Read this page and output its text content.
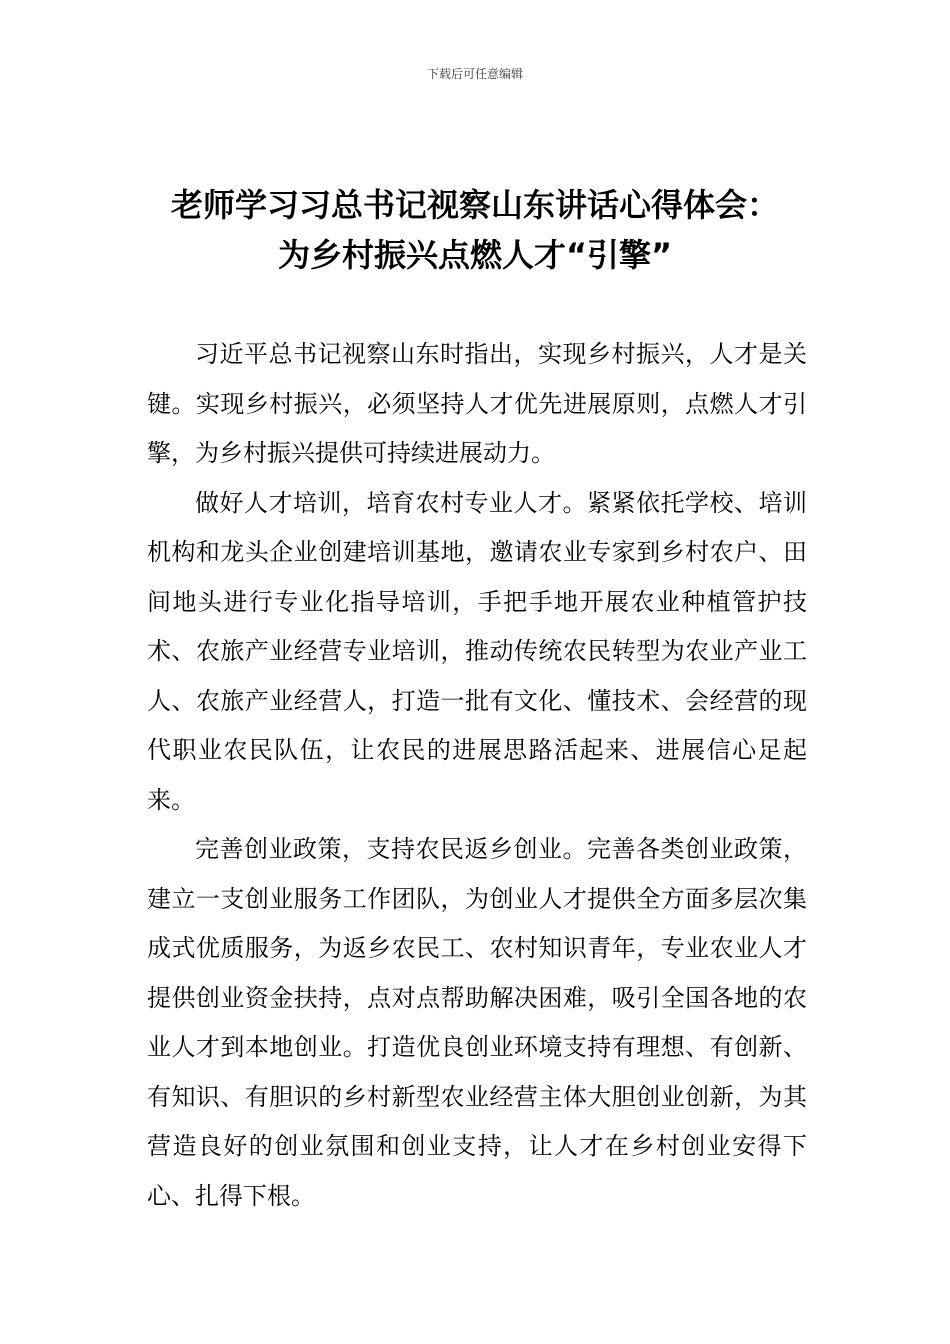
下载后可任意编辑
老师学习习总书记视察山东讲话心得体会：
为乡村振兴点燃人才“引擎”

习近平总书记视察山东时指出，实现乡村振兴，人才是关键。实现乡村振兴，必须坚持人才优先进展原则，点燃人才引擎，为乡村振兴提供可持续进展动力。

做好人才培训，培育农村专业人才。紧紧依托学校、培训机构和龙头企业创建培训基地，邀请农业专家到乡村农户、田间地头进行专业化指导培训，手把手地开展农业种植管护技术、农旅产业经营专业培训，推动传统农民转型为农业产业工人、农旅产业经营人，打造一批有文化、懂技术、会经营的现代职业农民队伍，让农民的进展思路活起来、进展信心足起来。

完善创业政策，支持农民返乡创业。完善各类创业政策，建立一支创业服务工作团队，为创业人才提供全方面多层次集成式优质服务，为返乡农民工、农村知识青年，专业农业人才提供创业资金扶持，点对点帮助解决困难，吸引全国各地的农业人才到本地创业。打造优良创业环境支持有理想、有创新、有知识、有胆识的乡村新型农业经营主体大胆创业创新，为其营造良好的创业氛围和创业支持，让人才在乡村创业安得下心、扎得下根。
